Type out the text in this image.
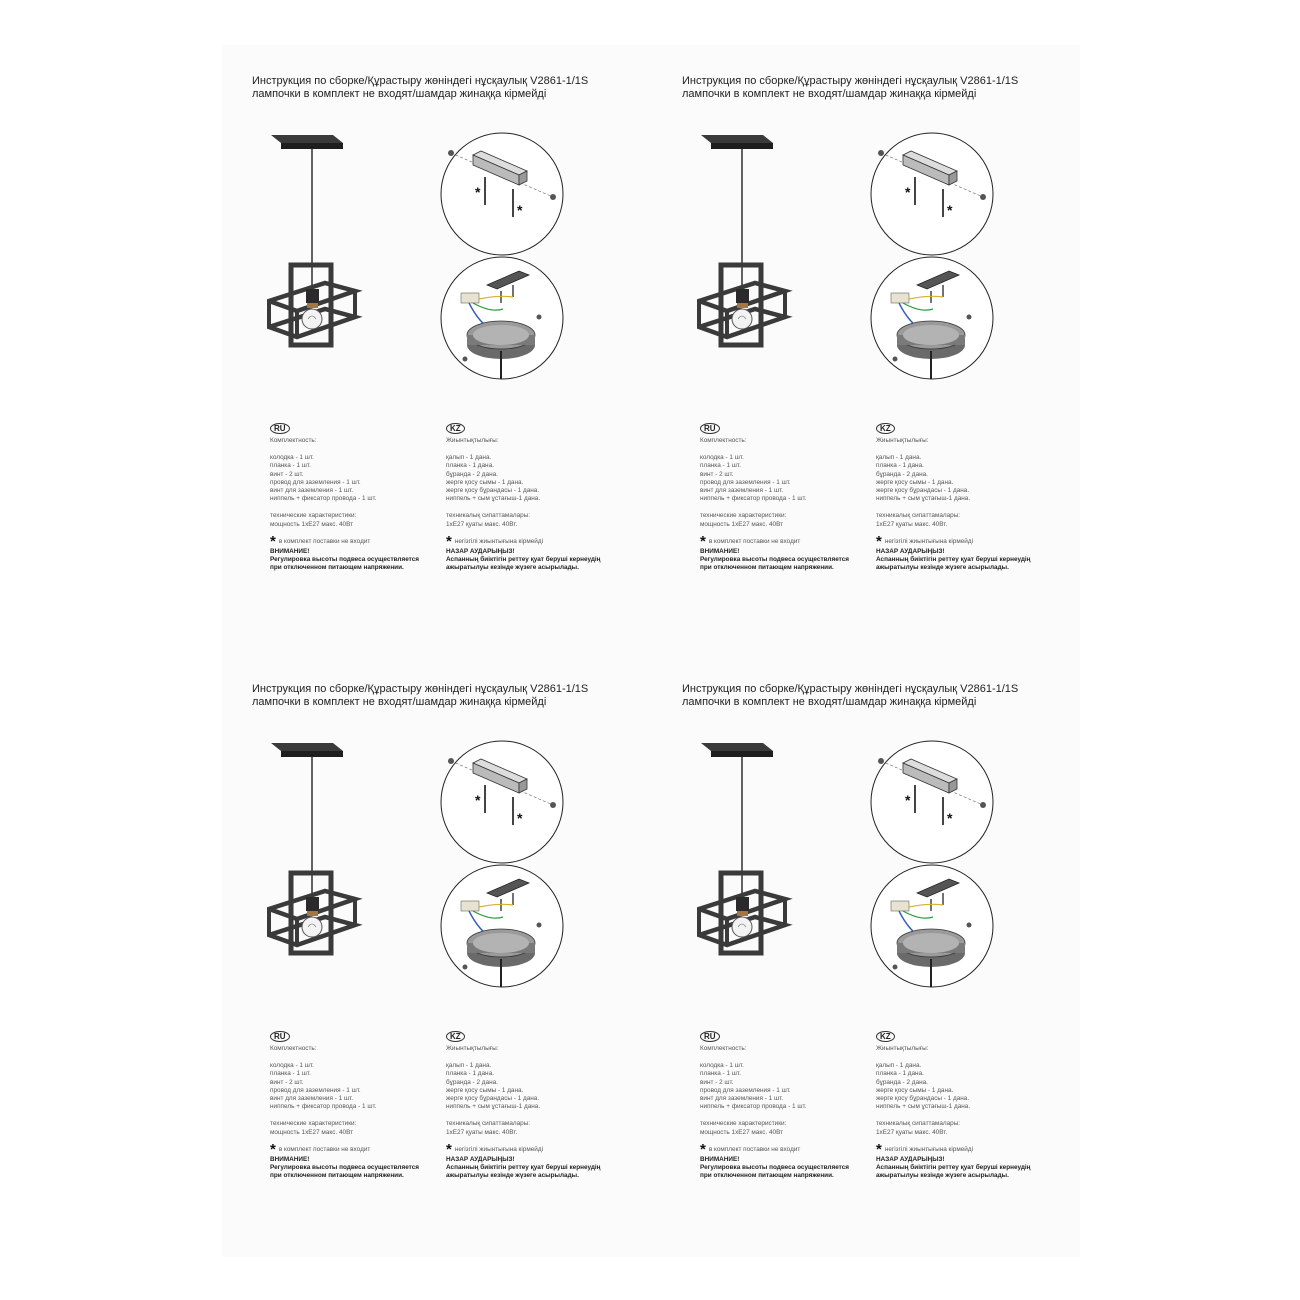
Инструкция по сборке/Құрастыру жөніндегі нұсқаулық V2861-1/1S
лампочки в комплект не входят/шамдар жинаққа кірмейді
*
*
RU
Комплектность:
колодка - 1 шт.
планка - 1 шт.
винт - 2 шт.
провод для заземления - 1 шт.
винт для заземления - 1 шт.
ниппель + фиксатор провода - 1 шт.
технические характеристики:
мощность 1xE27 макс. 40Вт
* в комплект поставки не входит
ВНИМАНИЕ!
Регулировка высоты подвеса осуществляется
при отключенном питающем напряжении.
KZ
Жиынтықтылығы:
қалып - 1 дана.
планка - 1 дана.
бұранда - 2 дана.
жерге қосу сымы - 1 дана.
жерге қосу бұрандасы - 1 дана.
ниппель + сым ұстағыш-1 дана.
техникалық сипаттамалары:
1xE27 қуаты макс. 40Вт.
* негізгілі жиынтығына кірмейді
НАЗАР АУДАРЫҢЫЗ!
Аспанның биіктігін реттеу қуат беруші кернеудің
ажыратылуы кезінде жүзеге асырылады.
Инструкция по сборке/Құрастыру жөніндегі нұсқаулық V2861-1/1S
лампочки в комплект не входят/шамдар жинаққа кірмейді
*
*
RU
Комплектность:
колодка - 1 шт.
планка - 1 шт.
винт - 2 шт.
провод для заземления - 1 шт.
винт для заземления - 1 шт.
ниппель + фиксатор провода - 1 шт.
технические характеристики:
мощность 1xE27 макс. 40Вт
* в комплект поставки не входит
ВНИМАНИЕ!
Регулировка высоты подвеса осуществляется
при отключенном питающем напряжении.
KZ
Жиынтықтылығы:
қалып - 1 дана.
планка - 1 дана.
бұранда - 2 дана.
жерге қосу сымы - 1 дана.
жерге қосу бұрандасы - 1 дана.
ниппель + сым ұстағыш-1 дана.
техникалық сипаттамалары:
1xE27 қуаты макс. 40Вт.
* негізгілі жиынтығына кірмейді
НАЗАР АУДАРЫҢЫЗ!
Аспанның биіктігін реттеу қуат беруші кернеудің
ажыратылуы кезінде жүзеге асырылады.
Инструкция по сборке/Құрастыру жөніндегі нұсқаулық V2861-1/1S
лампочки в комплект не входят/шамдар жинаққа кірмейді
*
*
RU
Комплектность:
колодка - 1 шт.
планка - 1 шт.
винт - 2 шт.
провод для заземления - 1 шт.
винт для заземления - 1 шт.
ниппель + фиксатор провода - 1 шт.
технические характеристики:
мощность 1xE27 макс. 40Вт
* в комплект поставки не входит
ВНИМАНИЕ!
Регулировка высоты подвеса осуществляется
при отключенном питающем напряжении.
KZ
Жиынтықтылығы:
қалып - 1 дана.
планка - 1 дана.
бұранда - 2 дана.
жерге қосу сымы - 1 дана.
жерге қосу бұрандасы - 1 дана.
ниппель + сым ұстағыш-1 дана.
техникалық сипаттамалары:
1xE27 қуаты макс. 40Вт.
* негізгілі жиынтығына кірмейді
НАЗАР АУДАРЫҢЫЗ!
Аспанның биіктігін реттеу қуат беруші кернеудің
ажыратылуы кезінде жүзеге асырылады.
Инструкция по сборке/Құрастыру жөніндегі нұсқаулық V2861-1/1S
лампочки в комплект не входят/шамдар жинаққа кірмейді
*
*
RU
Комплектность:
колодка - 1 шт.
планка - 1 шт.
винт - 2 шт.
провод для заземления - 1 шт.
винт для заземления - 1 шт.
ниппель + фиксатор провода - 1 шт.
технические характеристики:
мощность 1xE27 макс. 40Вт
* в комплект поставки не входит
ВНИМАНИЕ!
Регулировка высоты подвеса осуществляется
при отключенном питающем напряжении.
KZ
Жиынтықтылығы:
қалып - 1 дана.
планка - 1 дана.
бұранда - 2 дана.
жерге қосу сымы - 1 дана.
жерге қосу бұрандасы - 1 дана.
ниппель + сым ұстағыш-1 дана.
техникалық сипаттамалары:
1xE27 қуаты макс. 40Вт.
* негізгілі жиынтығына кірмейді
НАЗАР АУДАРЫҢЫЗ!
Аспанның биіктігін реттеу қуат беруші кернеудің
ажыратылуы кезінде жүзеге асырылады.
